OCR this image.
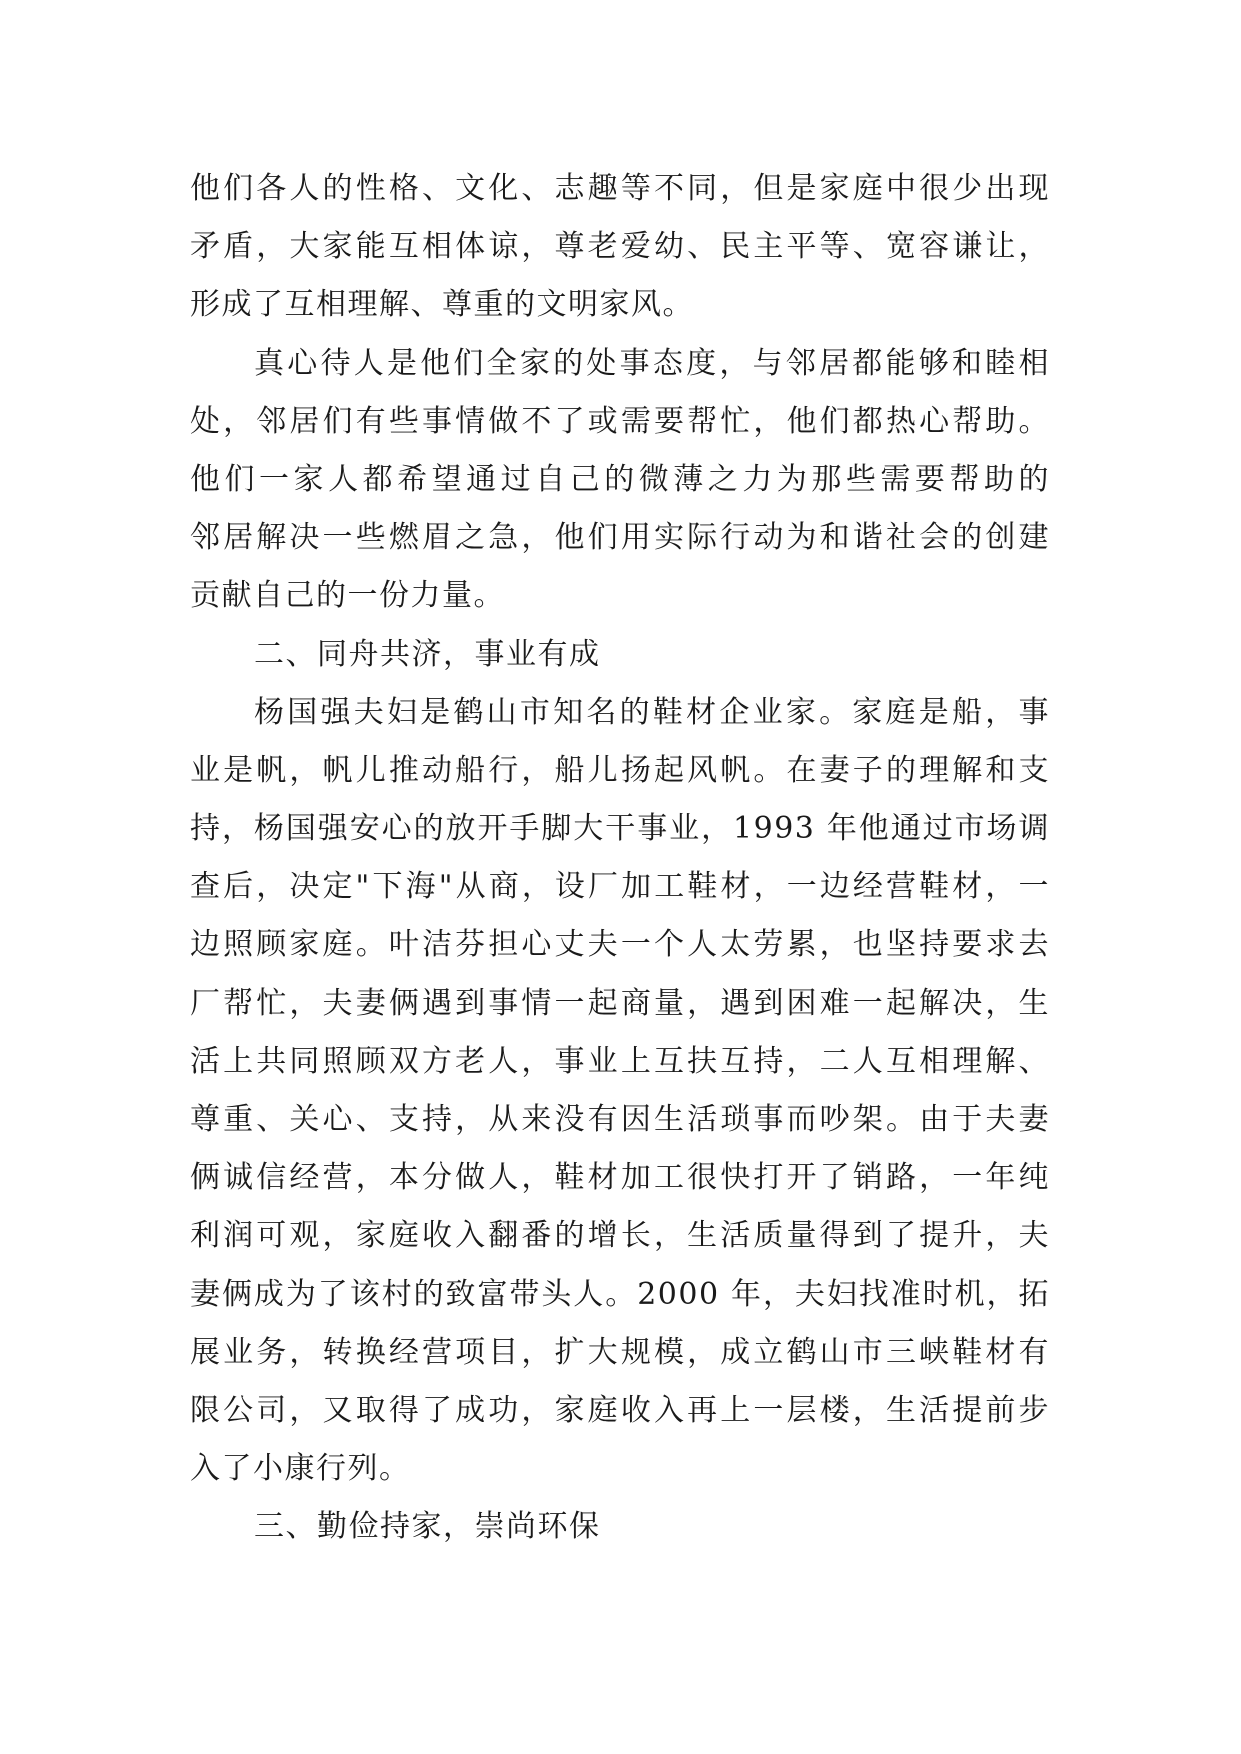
他们各人的性格、文化、志趣等不同，但是家庭中很少出现
矛盾，大家能互相体谅，尊老爱幼、民主平等、宽容谦让，
形成了互相理解、尊重的文明家风。
真心待人是他们全家的处事态度，与邻居都能够和睦相
处，邻居们有些事情做不了或需要帮忙，他们都热心帮助。
他们一家人都希望通过自己的微薄之力为那些需要帮助的
邻居解决一些燃眉之急，他们用实际行动为和谐社会的创建
贡献自己的一份力量。
二、同舟共济，事业有成
杨国强夫妇是鹤山市知名的鞋材企业家。家庭是船，事
业是帆，帆儿推动船行，船儿扬起风帆。在妻子的理解和支
持，杨国强安心的放开手脚大干事业，1993 年他通过市场调
查后，决定"下海"从商，设厂加工鞋材，一边经营鞋材，一
边照顾家庭。叶洁芬担心丈夫一个人太劳累，也坚持要求去
厂帮忙，夫妻俩遇到事情一起商量，遇到困难一起解决，生
活上共同照顾双方老人，事业上互扶互持，二人互相理解、
尊重、关心、支持，从来没有因生活琐事而吵架。由于夫妻
俩诚信经营，本分做人，鞋材加工很快打开了销路，一年纯
利润可观，家庭收入翻番的增长，生活质量得到了提升，夫
妻俩成为了该村的致富带头人。2000 年，夫妇找准时机，拓
展业务，转换经营项目，扩大规模，成立鹤山市三峡鞋材有
限公司，又取得了成功，家庭收入再上一层楼，生活提前步
入了小康行列。
三、勤俭持家，崇尚环保
